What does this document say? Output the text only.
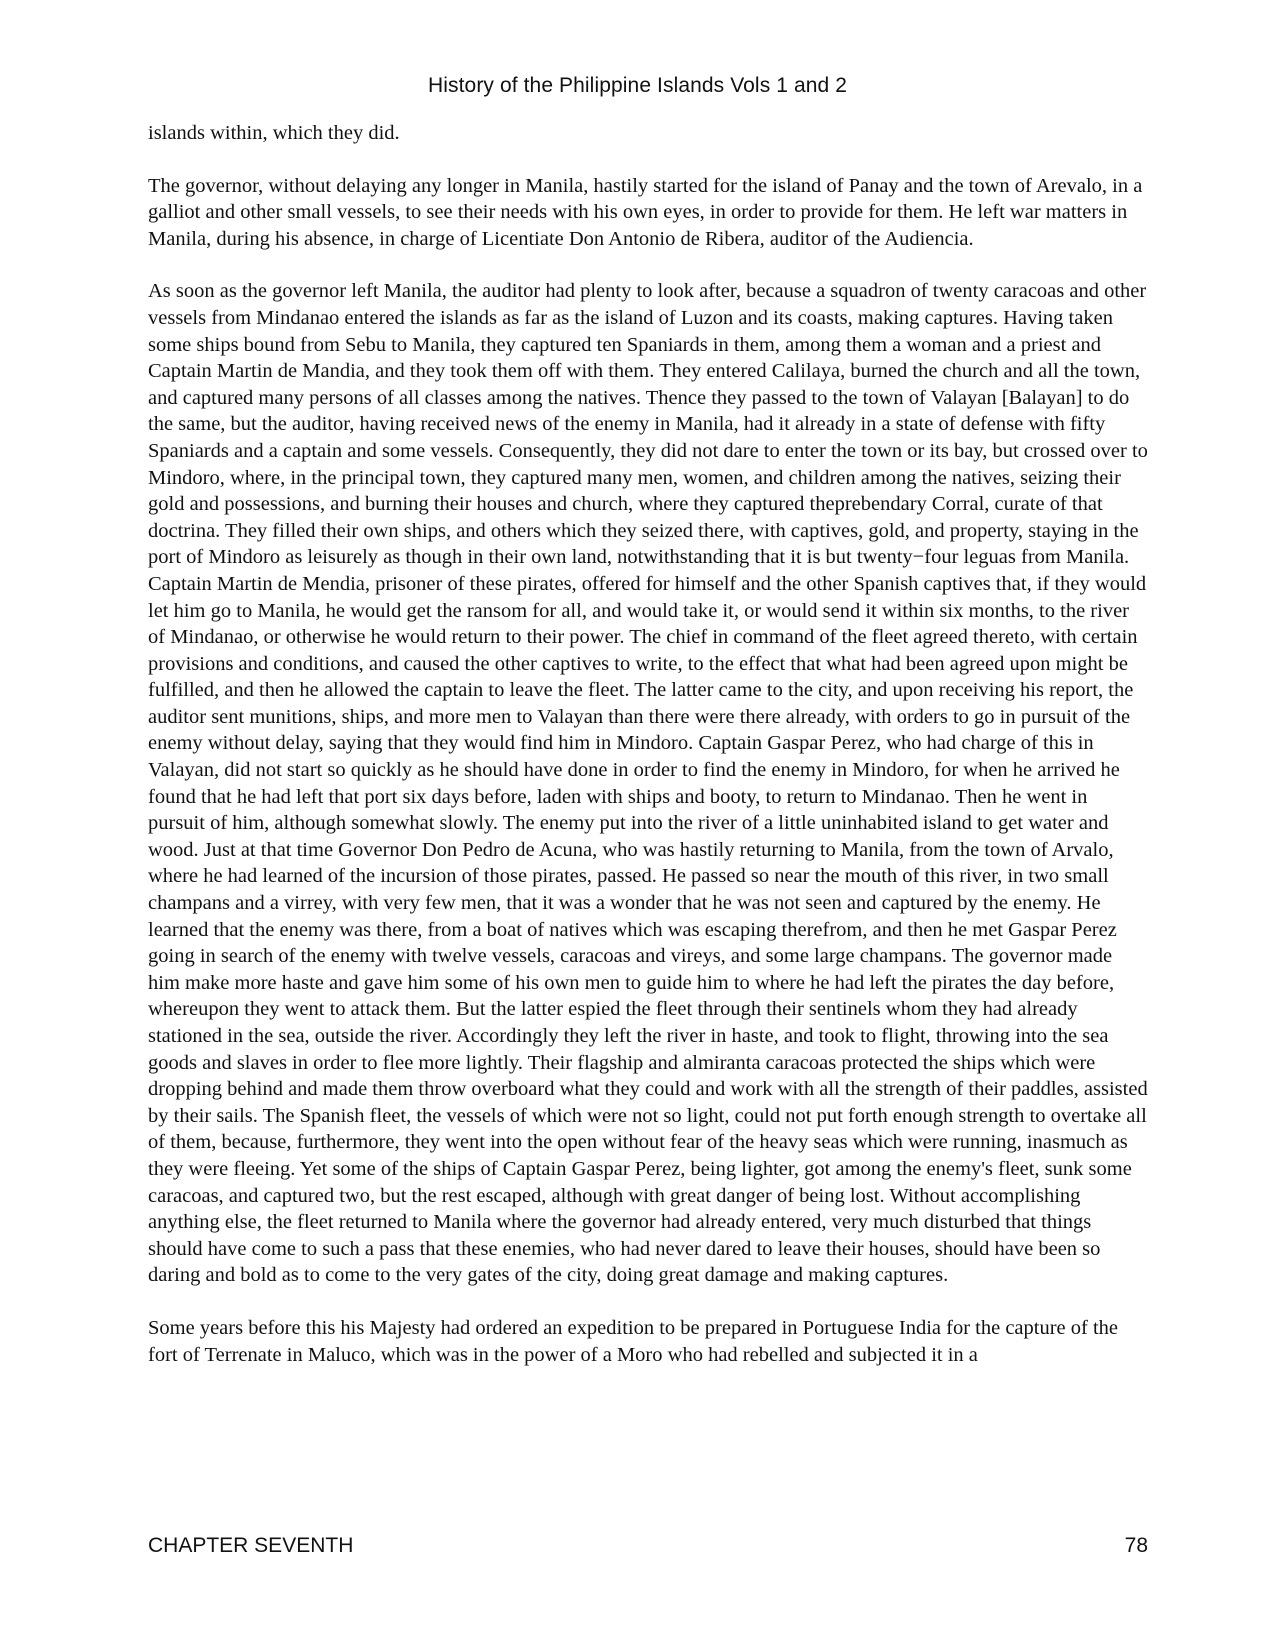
History of the Philippine Islands Vols 1 and 2

islands within, which they did.

The governor, without delaying any longer in Manila, hastily started for the island of Panay and the town of Arevalo, in a galliot and other small vessels, to see their needs with his own eyes, in order to provide for them. He left war matters in Manila, during his absence, in charge of Licentiate Don Antonio de Ribera, auditor of the Audiencia.

As soon as the governor left Manila, the auditor had plenty to look after, because a squadron of twenty caracoas and other vessels from Mindanao entered the islands as far as the island of Luzon and its coasts, making captures. Having taken some ships bound from Sebu to Manila, they captured ten Spaniards in them, among them a woman and a priest and Captain Martin de Mandia, and they took them off with them. They entered Calilaya, burned the church and all the town, and captured many persons of all classes among the natives. Thence they passed to the town of Valayan [Balayan] to do the same, but the auditor, having received news of the enemy in Manila, had it already in a state of defense with fifty Spaniards and a captain and some vessels. Consequently, they did not dare to enter the town or its bay, but crossed over to Mindoro, where, in the principal town, they captured many men, women, and children among the natives, seizing their gold and possessions, and burning their houses and church, where they captured theprebendary Corral, curate of that doctrina. They filled their own ships, and others which they seized there, with captives, gold, and property, staying in the port of Mindoro as leisurely as though in their own land, notwithstanding that it is but twenty−four leguas from Manila. Captain Martin de Mendia, prisoner of these pirates, offered for himself and the other Spanish captives that, if they would let him go to Manila, he would get the ransom for all, and would take it, or would send it within six months, to the river of Mindanao, or otherwise he would return to their power. The chief in command of the fleet agreed thereto, with certain provisions and conditions, and caused the other captives to write, to the effect that what had been agreed upon might be fulfilled, and then he allowed the captain to leave the fleet. The latter came to the city, and upon receiving his report, the auditor sent munitions, ships, and more men to Valayan than there were there already, with orders to go in pursuit of the enemy without delay, saying that they would find him in Mindoro. Captain Gaspar Perez, who had charge of this in Valayan, did not start so quickly as he should have done in order to find the enemy in Mindoro, for when he arrived he found that he had left that port six days before, laden with ships and booty, to return to Mindanao. Then he went in pursuit of him, although somewhat slowly. The enemy put into the river of a little uninhabited island to get water and wood. Just at that time Governor Don Pedro de Acuna, who was hastily returning to Manila, from the town of Arvalo, where he had learned of the incursion of those pirates, passed. He passed so near the mouth of this river, in two small champans and a virrey, with very few men, that it was a wonder that he was not seen and captured by the enemy. He learned that the enemy was there, from a boat of natives which was escaping therefrom, and then he met Gaspar Perez going in search of the enemy with twelve vessels, caracoas and vireys, and some large champans. The governor made him make more haste and gave him some of his own men to guide him to where he had left the pirates the day before, whereupon they went to attack them. But the latter espied the fleet through their sentinels whom they had already stationed in the sea, outside the river. Accordingly they left the river in haste, and took to flight, throwing into the sea goods and slaves in order to flee more lightly. Their flagship and almiranta caracoas protected the ships which were dropping behind and made them throw overboard what they could and work with all the strength of their paddles, assisted by their sails. The Spanish fleet, the vessels of which were not so light, could not put forth enough strength to overtake all of them, because, furthermore, they went into the open without fear of the heavy seas which were running, inasmuch as they were fleeing. Yet some of the ships of Captain Gaspar Perez, being lighter, got among the enemy's fleet, sunk some caracoas, and captured two, but the rest escaped, although with great danger of being lost. Without accomplishing anything else, the fleet returned to Manila where the governor had already entered, very much disturbed that things should have come to such a pass that these enemies, who had never dared to leave their houses, should have been so daring and bold as to come to the very gates of the city, doing great damage and making captures.

Some years before this his Majesty had ordered an expedition to be prepared in Portuguese India for the capture of the fort of Terrenate in Maluco, which was in the power of a Moro who had rebelled and subjected it in a

CHAPTER SEVENTH	78
